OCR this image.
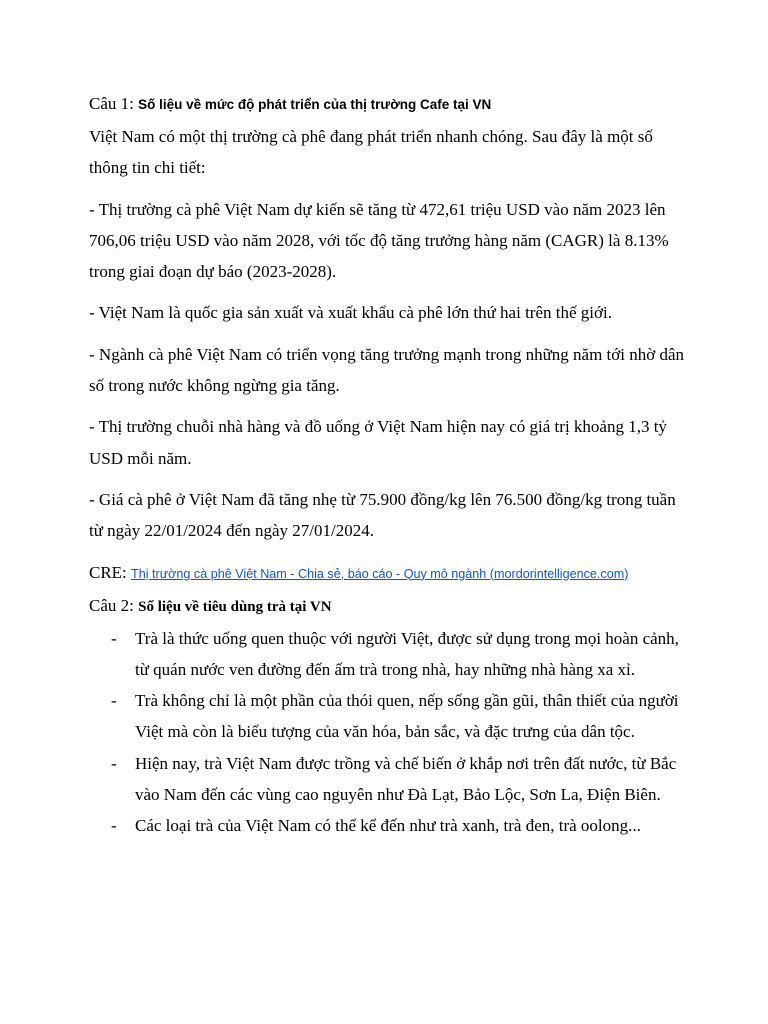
Câu 1: Số liệu về mức độ phát triển của thị trường Cafe tại VN

Việt Nam có một thị trường cà phê đang phát triển nhanh chóng. Sau đây là một số thông tin chi tiết:

- Thị trường cà phê Việt Nam dự kiến sẽ tăng từ 472,61 triệu USD vào năm 2023 lên 706,06 triệu USD vào năm 2028, với tốc độ tăng trưởng hàng năm (CAGR) là 8.13% trong giai đoạn dự báo (2023-2028).

- Việt Nam là quốc gia sản xuất và xuất khẩu cà phê lớn thứ hai trên thế giới.

- Ngành cà phê Việt Nam có triển vọng tăng trưởng mạnh trong những năm tới nhờ dân số trong nước không ngừng gia tăng.

- Thị trường chuỗi nhà hàng và đồ uống ở Việt Nam hiện nay có giá trị khoảng 1,3 tỷ USD mỗi năm.

- Giá cà phê ở Việt Nam đã tăng nhẹ từ 75.900 đồng/kg lên 76.500 đồng/kg trong tuần từ ngày 22/01/2024 đến ngày 27/01/2024.

CRE: Thị trường cà phê Việt Nam - Chia sẻ, báo cáo - Quy mô ngành (mordorintelligence.com)

Câu 2: Số liệu về tiêu dùng trà tại VN

- Trà là thức uống quen thuộc với người Việt, được sử dụng trong mọi hoàn cảnh, từ quán nước ven đường đến ấm trà trong nhà, hay những nhà hàng xa xỉ.
- Trà không chỉ là một phần của thói quen, nếp sống gần gũi, thân thiết của người Việt mà còn là biểu tượng của văn hóa, bản sắc, và đặc trưng của dân tộc.
- Hiện nay, trà Việt Nam được trồng và chế biến ở khắp nơi trên đất nước, từ Bắc vào Nam đến các vùng cao nguyên như Đà Lạt, Bảo Lộc, Sơn La, Điện Biên.
- Các loại trà của Việt Nam có thể kể đến như trà xanh, trà đen, trà oolong...
